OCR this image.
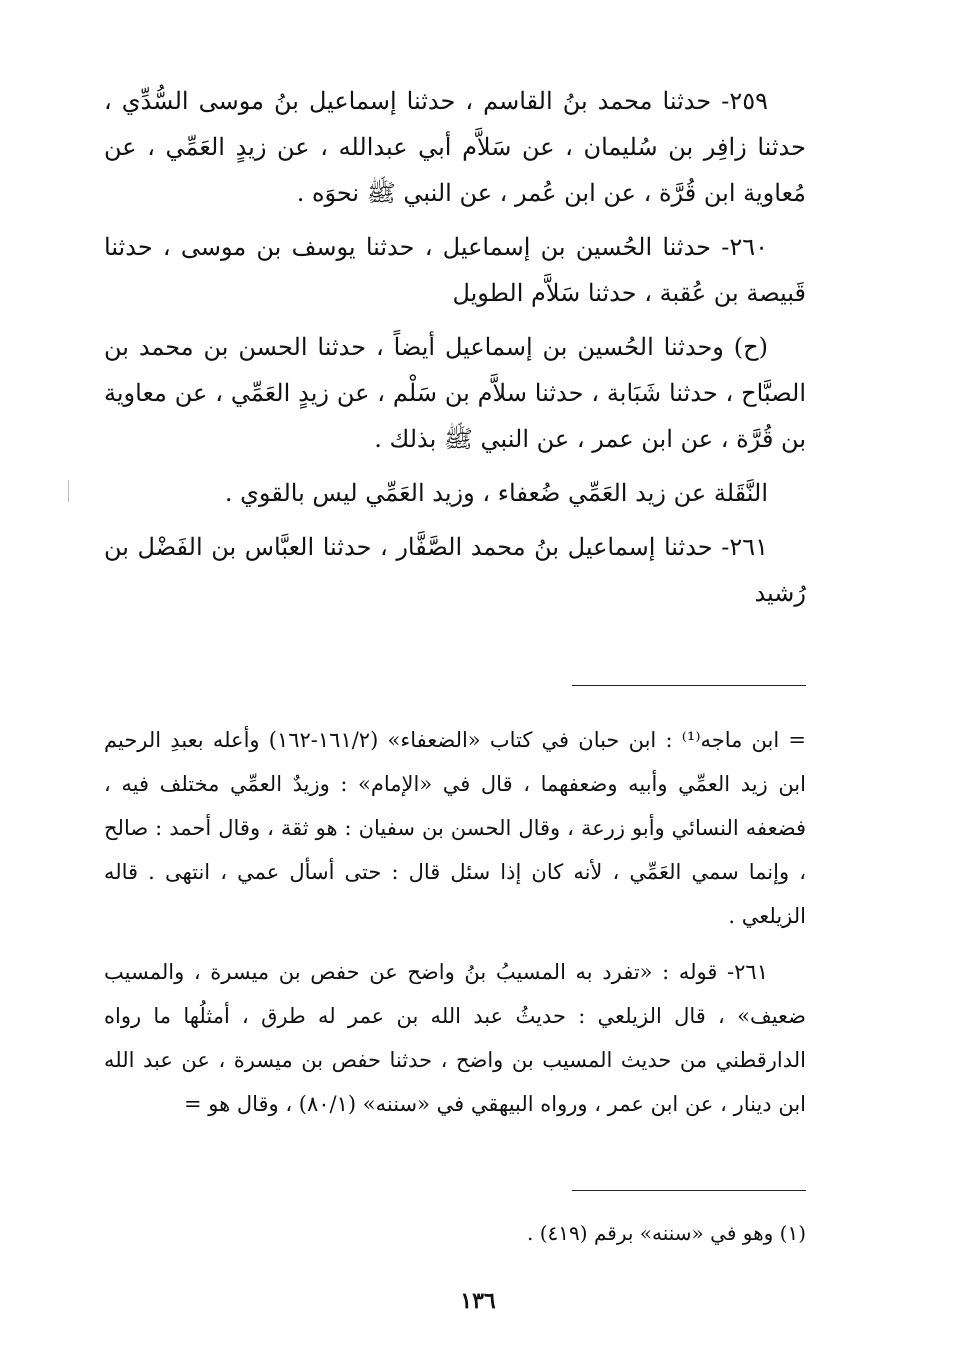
٢٥٩- حدثنا محمد بنُ القاسم ، حدثنا إسماعيل بنُ موسى السُّدِّي ، حدثنا زافِر بن سُليمان ، عن سَلاَّم أبي عبدالله ، عن زيدٍ العَمِّي ، عن مُعاوية ابن قُرَّة ، عن ابن عُمر ، عن النبي ﷺ نحوَه .

٢٦٠- حدثنا الحُسين بن إسماعيل ، حدثنا يوسف بن موسى ، حدثنا قَبيصة بن عُقبة ، حدثنا سَلاَّم الطويل

(ح) وحدثنا الحُسين بن إسماعيل أيضاً ، حدثنا الحسن بن محمد بن الصبَّاح ، حدثنا شَبَابة ، حدثنا سلاَّم بن سَلْم ، عن زيدٍ العَمِّي ، عن معاوية بن قُرَّة ، عن ابن عمر ، عن النبي ﷺ بذلك .

النَّقَلة عن زيد العَمِّي ضُعفاء ، وزيد العَمِّي ليس بالقوي .

٢٦١- حدثنا إسماعيل بنُ محمد الصَّفَّار ، حدثنا العبَّاس بن الفَضْل بن رُشيد

= ابن ماجه⁽¹⁾ : ابن حبان في كتاب «الضعفاء» (١٦١/٢-١٦٢) وأعله بعبدِ الرحيم ابن زيد العمِّي وأبيه وضعفهما ، قال في «الإمام» : وزيدٌ العمِّي مختلف فيه ، فضعفه النسائي وأبو زرعة ، وقال الحسن بن سفيان : هو ثقة ، وقال أحمد : صالح ، وإنما سمي العَمِّي ، لأنه كان إذا سئل قال : حتى أسأل عمي ، انتهى . قاله الزيلعي .

٢٦١- قوله : «تفرد به المسيبُ بنُ واضح عن حفص بن ميسرة ، والمسيب ضعيف» ، قال الزيلعي : حديثُ عبد الله بن عمر له طرق ، أمثلُها ما رواه الدارقطني من حديث المسيب بن واضح ، حدثنا حفص بن ميسرة ، عن عبد الله ابن دينار ، عن ابن عمر ، ورواه البيهقي في «سننه» (٨٠/١) ، وقال هو =

(١) وهو في «سننه» برقم (٤١٩) .
١٣٦
